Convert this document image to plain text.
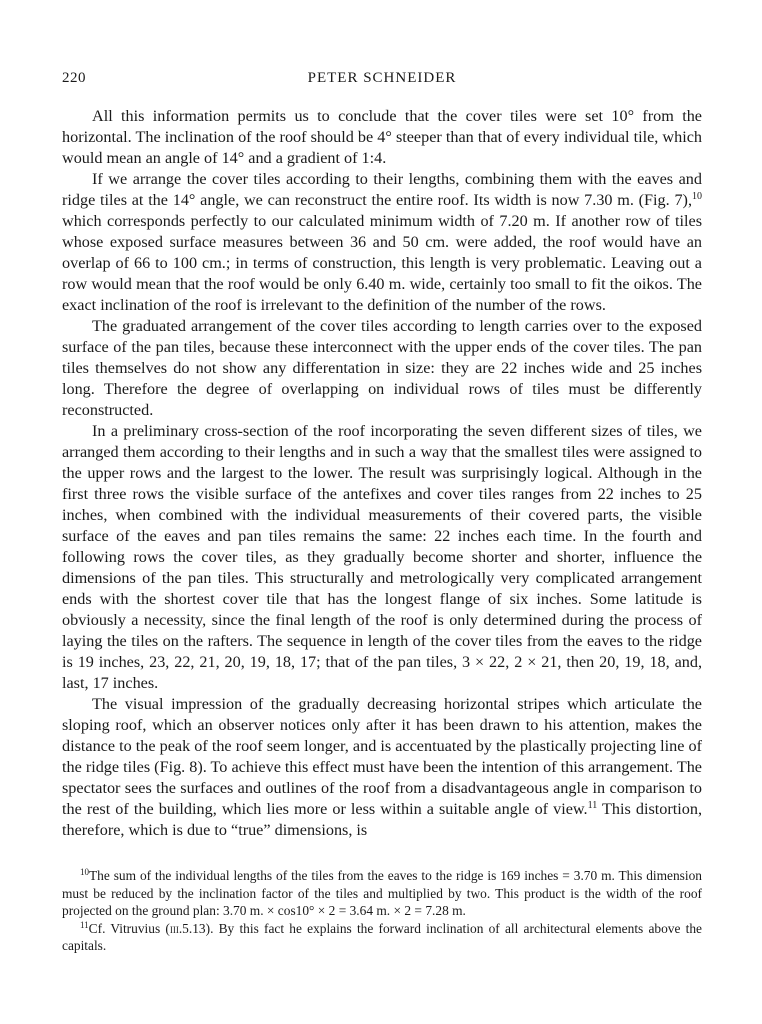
220	PETER SCHNEIDER

All this information permits us to conclude that the cover tiles were set 10° from the horizontal. The inclination of the roof should be 4° steeper than that of every individual tile, which would mean an angle of 14° and a gradient of 1:4.

If we arrange the cover tiles according to their lengths, combining them with the eaves and ridge tiles at the 14° angle, we can reconstruct the entire roof. Its width is now 7.30 m. (Fig. 7),$^{10}$ which corresponds perfectly to our calculated minimum width of 7.20 m. If another row of tiles whose exposed surface measures between 36 and 50 cm. were added, the roof would have an overlap of 66 to 100 cm.; in terms of construction, this length is very problematic. Leaving out a row would mean that the roof would be only 6.40 m. wide, certainly too small to fit the oikos. The exact inclination of the roof is irrelevant to the definition of the number of the rows.

The graduated arrangement of the cover tiles according to length carries over to the exposed surface of the pan tiles, because these interconnect with the upper ends of the cover tiles. The pan tiles themselves do not show any differentation in size: they are 22 inches wide and 25 inches long. Therefore the degree of overlapping on individual rows of tiles must be differently reconstructed.

In a preliminary cross-section of the roof incorporating the seven different sizes of tiles, we arranged them according to their lengths and in such a way that the smallest tiles were assigned to the upper rows and the largest to the lower. The result was surprisingly logical. Although in the first three rows the visible surface of the antefixes and cover tiles ranges from 22 inches to 25 inches, when combined with the individual measurements of their covered parts, the visible surface of the eaves and pan tiles remains the same: 22 inches each time. In the fourth and following rows the cover tiles, as they gradually become shorter and shorter, influence the dimensions of the pan tiles. This structurally and metrologically very complicated arrangement ends with the shortest cover tile that has the longest flange of six inches. Some latitude is obviously a necessity, since the final length of the roof is only determined during the process of laying the tiles on the rafters. The sequence in length of the cover tiles from the eaves to the ridge is 19 inches, 23, 22, 21, 20, 19, 18, 17; that of the pan tiles, 3 × 22, 2 × 21, then 20, 19, 18, and, last, 17 inches.

The visual impression of the gradually decreasing horizontal stripes which articulate the sloping roof, which an observer notices only after it has been drawn to his attention, makes the distance to the peak of the roof seem longer, and is accentuated by the plastically projecting line of the ridge tiles (Fig. 8). To achieve this effect must have been the intention of this arrangement. The spectator sees the surfaces and outlines of the roof from a disadvantageous angle in comparison to the rest of the building, which lies more or less within a suitable angle of view.$^{11}$ This distortion, therefore, which is due to “true” dimensions, is

$^{10}$The sum of the individual lengths of the tiles from the eaves to the ridge is 169 inches = 3.70 m. This dimension must be reduced by the inclination factor of the tiles and multiplied by two. This product is the width of the roof projected on the ground plan: 3.70 m. × cos10° × 2 = 3.64 m. × 2 = 7.28 m.

$^{11}$Cf. Vitruvius (iii.5.13). By this fact he explains the forward inclination of all architectural elements above the capitals.
